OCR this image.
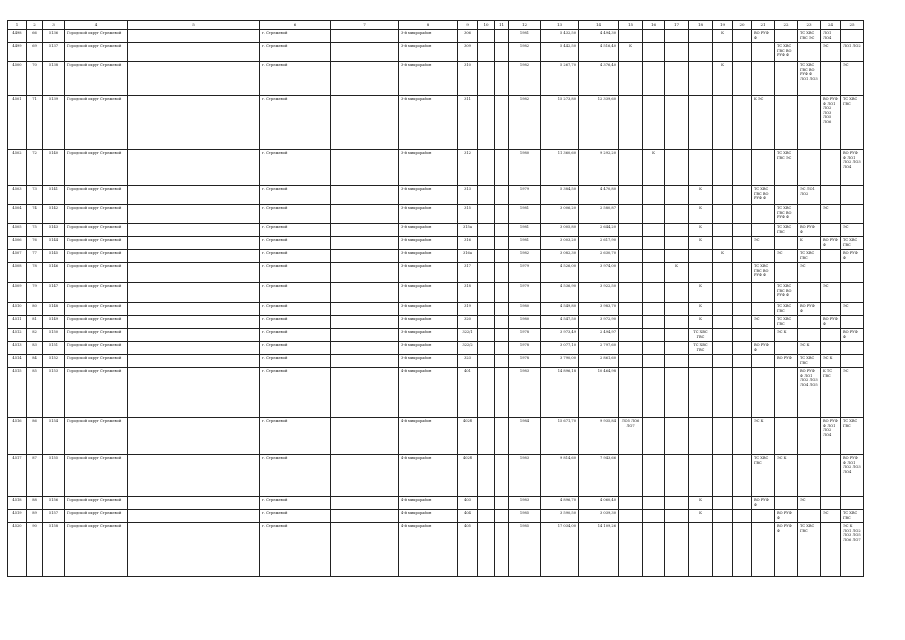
1	2	3	4	5	6	7	8	9	10	11	12	13	14	15	16	17	18	19	20	21	22	23	24	25
4498	66	5136	Городской округ Стрежевой		г. Стрежевой		3-й микрорайон	306			1981	5 432,50	4 494,30					К		ВО РУФ Ф		ТС ХВС ГВС ЭС	ЛО1 ЛО4	
4499	69	5137	Городской округ Стрежевой		г. Стрежевой		3-й микрорайон	309			1982	5 442,50	4 516,40	К							ТС ХВС ГВС ВО РУФ Ф		ЭС	ЛО1 ЛО2
4500	70	5138	Городской округ Стрежевой		г. Стрежевой		3-й микрорайон	310			1982	5 267,70	4 376,40					К				ТС ХВС ГВС ВО РУФ Ф ЛО1 ЛО3		ЭС
4501	71	5139	Городской округ Стрежевой		г. Стрежевой		3-й микрорайон	311			1982	15 273,80	12 339,60							К ЭС			ВО РУФ Ф ЛО1 ЛО2 ЛО3 ЛО5 ЛО6	ТС ХВС ГВС
4502	72	5140	Городской округ Стрежевой		г. Стрежевой		3-й микрорайон	312			1980	11 360,60	9 292,20		К						ТС ХВС ГВС ЭС			ВО РУФ Ф ЛО1 ЛО2 ЛО3 ЛО4
4503	73	5141	Городской округ Стрежевой		г. Стрежевой		3-й микрорайон	313			1979	5 384,50	4 470,80				К			ТС ХВС ГВС ВО РУФ Ф		ЭС ЛО1 ЛО2		
4504	74	5142	Городской округ Стрежевой		г. Стрежевой		3-й микрорайон	315			1981	3 006,20	2 580,87				К				ТС ХВС ГВС ВО РУФ Ф		ЭС	
4505	75	5143	Городской округ Стрежевой		г. Стрежевой		3-й микрорайон	315а			1981	3 005,80	2 644,20				К				ТС ХВС ГВС	ВО РУФ Ф		ЭС
4506	76	5144	Городской округ Стрежевой		г. Стрежевой		3-й микрорайон	316			1981	3 003,20	2 617,90				К			ЭС		К	ВО РУФ Ф	ТС ХВС ГВС
4507	77	5145	Городской округ Стрежевой		г. Стрежевой		3-й микрорайон	316а			1982	3 082,30	2 630,70					К			ЭС	ТС ХВС ГВС		ВО РУФ Ф
4508	78	5146	Городской округ Стрежевой		г. Стрежевой		3-й микрорайон	317			1979	4 526,00	3 974,00			К				ТС ХВС ГВС ВО РУФ Ф		ЭС		
4509	79	5147	Городской округ Стрежевой		г. Стрежевой		3-й микрорайон	318			1979	4 536,90	3 922,50				К				ТС ХВС ГВС ВО РУФ Ф		ЭС	
4510	80	5148	Городской округ Стрежевой		г. Стрежевой		3-й микрорайон	319			1980	4 549,80	3 983,70				К				ТС ХВС ГВС	ВО РУФ Ф		ЭС
4511	81	5149	Городской округ Стрежевой		г. Стрежевой		3-й микрорайон	320			1980	4 547,50	3 972,90				К			ЭС	ТС ХВС ГВС		ВО РУФ Ф	
4512	82	5150	Городской округ Стрежевой		г. Стрежевой		3-й микрорайон	322/1			1978	3 973,49	2 494,97				ТС ХВС ГВС				ЭС К			ВО РУФ Ф
4513	83	5151	Городской округ Стрежевой		г. Стрежевой		3-й микрорайон	322/2			1978	3 077,10	2 797,60				ТС ХВС ГВС			ВО РУФ Ф		ЭС К		
4514	84	5152	Городской округ Стрежевой		г. Стрежевой		3-й микрорайон	323			1978	3 790,00	2 861,60								ВО РУФ	ТС ХВС ГВС	ЭС К	
4515	85	5153	Городской округ Стрежевой		г. Стрежевой		4-й микрорайон	401			1983	14 896,18	10 464,98									ВО РУФ Ф ЛО1 ЛО2 ЛО3 ЛО4 ЛО5	К ТС ГВС	ЭС
4516	86	5154	Городской округ Стрежевой		г. Стрежевой		4-й микрорайон	402б			1984	15 671,70	9 935,84	ЛО5 ЛО6 ЛО7						ЭС К			ВО РУФ Ф ЛО1 ЛО2 ЛО4	ТС ХВС ГВС
4517	87	5155	Городской округ Стрежевой		г. Стрежевой		4-й микрорайон	402б			1983	9 814,60	7 943,66							ТС ХВС ГВС	ЭС К			ВО РУФ Ф ЛО1 ЛО2 ЛО3 ЛО4
4518	88	5156	Городской округ Стрежевой		г. Стрежевой		4-й микрорайон	403			1983	4 896,70	4 060,40				К			ВО РУФ Ф		ЭС		
4519	89	5157	Городской округ Стрежевой		г. Стрежевой		4-й микрорайон	404			1985	3 590,50	3 039,30				К				ВО РУФ Ф		ЭС	ТС ХВС ГВС
4520	90	5158	Городской округ Стрежевой		г. Стрежевой		4-й микрорайон	405			1985	17 034,00	14 109,26								ВО РУФ Ф	ТС ХВС ГВС		ЭС К ЛО1 ЛО2 ЛО3 ЛО5 ЛО6 ЛО7
